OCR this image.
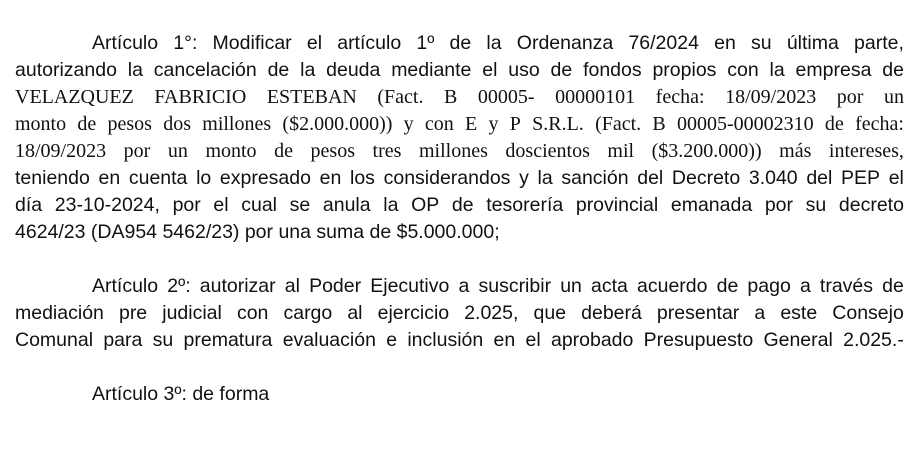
Artículo 1°: Modificar el artículo 1º de la Ordenanza 76/2024 en su última parte,
autorizando la cancelación de la deuda mediante el uso de fondos propios con la empresa de
VELAZQUEZ FABRICIO ESTEBAN (Fact. B 00005- 00000101 fecha: 18/09/2023 por un
monto de pesos dos millones ($2.000.000)) y con E y P S.R.L. (Fact. B 00005-00002310 de fecha:
18/09/2023 por un monto de pesos tres millones doscientos mil ($3.200.000)) más intereses,
teniendo en cuenta lo expresado en los considerandos y la sanción del Decreto 3.040 del PEP el
día 23-10-2024, por el cual se anula la OP de tesorería provincial emanada por su decreto
4624/23 (DA954 5462/23) por una suma de $5.000.000;
Artículo 2º: autorizar al Poder Ejecutivo a suscribir un acta acuerdo de pago a través de
mediación pre judicial con cargo al ejercicio 2.025, que deberá presentar a este Consejo
Comunal para su prematura evaluación e inclusión en el aprobado Presupuesto General 2.025.-
Artículo 3º: de forma
